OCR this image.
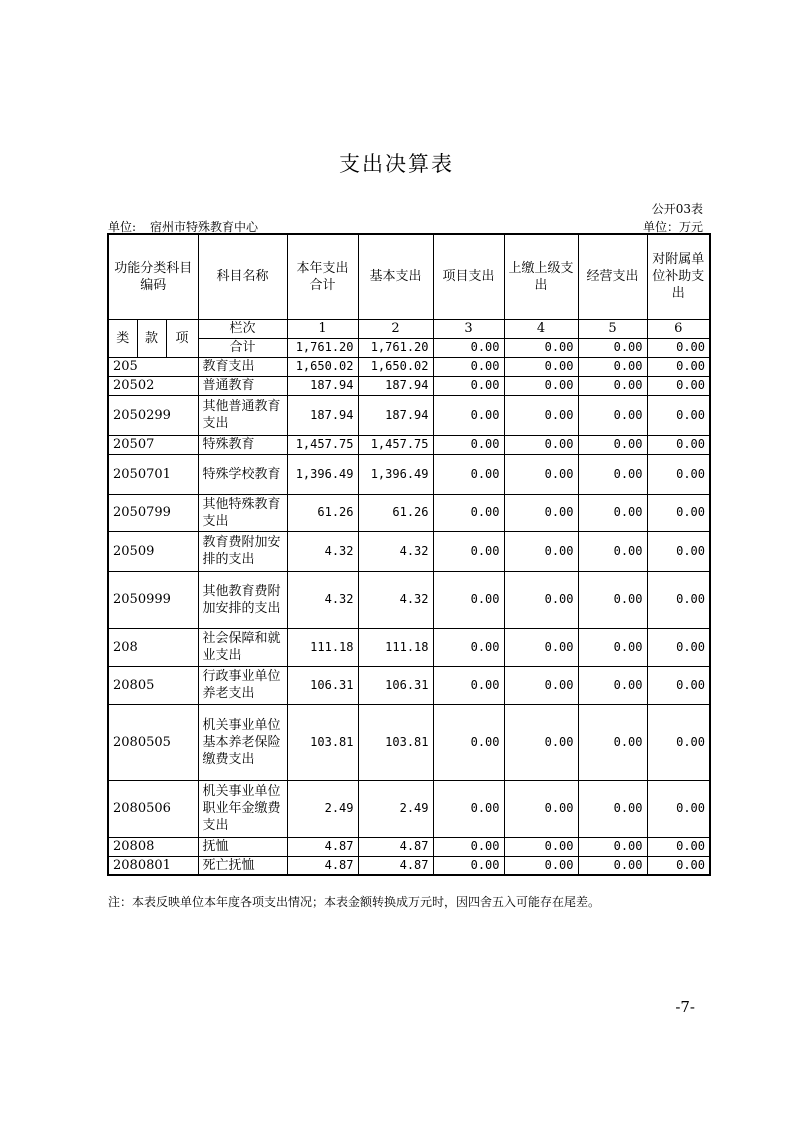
支出决算表
公开03表
单位: 宿州市特殊教育中心	单位：万元
功能分类科目编码			科目名称	本年支出合计	基本支出	项目支出	上缴上级支出	经营支出	对附属单位补助支出
类	款	项	栏次	1	2	3	4	5	6
			合计	1,761.20	1,761.20	0.00	0.00	0.00	0.00
205			教育支出	1,650.02	1,650.02	0.00	0.00	0.00	0.00
20502			普通教育	187.94	187.94	0.00	0.00	0.00	0.00
2050299			其他普通教育支出	187.94	187.94	0.00	0.00	0.00	0.00
20507			特殊教育	1,457.75	1,457.75	0.00	0.00	0.00	0.00
2050701			特殊学校教育	1,396.49	1,396.49	0.00	0.00	0.00	0.00
2050799			其他特殊教育支出	61.26	61.26	0.00	0.00	0.00	0.00
20509			教育费附加安排的支出	4.32	4.32	0.00	0.00	0.00	0.00
2050999			其他教育费附加安排的支出	4.32	4.32	0.00	0.00	0.00	0.00
208			社会保障和就业支出	111.18	111.18	0.00	0.00	0.00	0.00
20805			行政事业单位养老支出	106.31	106.31	0.00	0.00	0.00	0.00
2080505			机关事业单位基本养老保险缴费支出	103.81	103.81	0.00	0.00	0.00	0.00
2080506			机关事业单位职业年金缴费支出	2.49	2.49	0.00	0.00	0.00	0.00
20808			抚恤	4.87	4.87	0.00	0.00	0.00	0.00
2080801			死亡抚恤	4.87	4.87	0.00	0.00	0.00	0.00
注：本表反映单位本年度各项支出情况；本表金额转换成万元时，因四舍五入可能存在尾差。
-7-
